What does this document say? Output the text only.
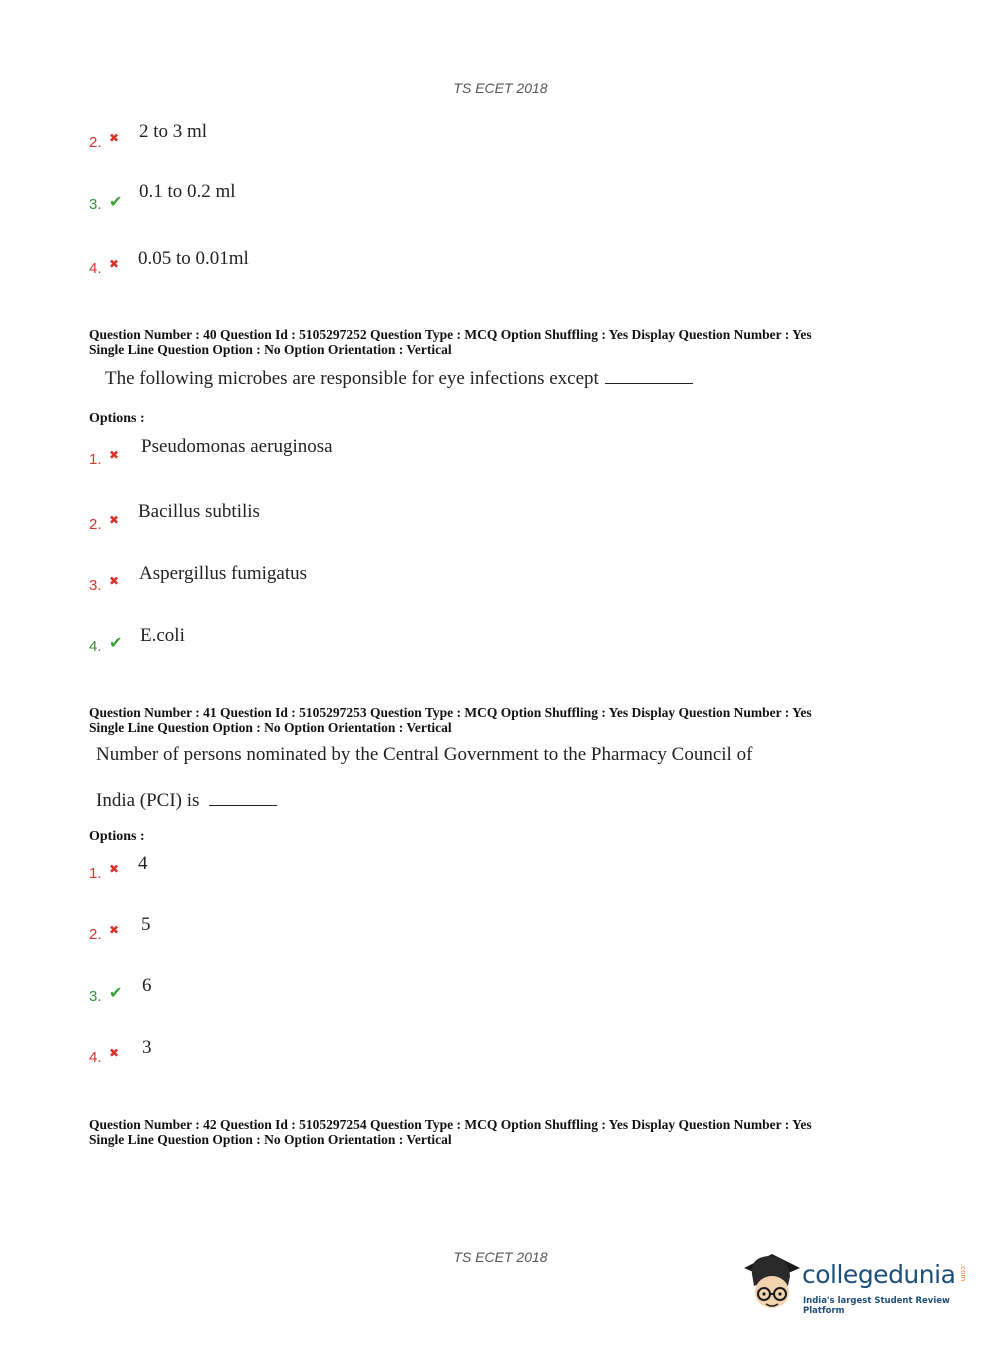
TS ECET 2018
2. ✖ 2 to 3 ml
3. ✔ 0.1 to 0.2 ml
4. ✖ 0.05 to 0.01ml
Question Number : 40 Question Id : 5105297252 Question Type : MCQ Option Shuffling : Yes Display Question Number : Yes
Single Line Question Option : No Option Orientation : Vertical
The following microbes are responsible for eye infections except
Options :
1. ✖ Pseudomonas aeruginosa
2. ✖ Bacillus subtilis
3. ✖ Aspergillus fumigatus
4. ✔ E.coli
Question Number : 41 Question Id : 5105297253 Question Type : MCQ Option Shuffling : Yes Display Question Number : Yes
Single Line Question Option : No Option Orientation : Vertical
Number of persons nominated by the Central Government to the Pharmacy Council of
India (PCI) is
Options :
1. ✖ 4
2. ✖ 5
3. ✔ 6
4. ✖ 3
Question Number : 42 Question Id : 5105297254 Question Type : MCQ Option Shuffling : Yes Display Question Number : Yes
Single Line Question Option : No Option Orientation : Vertical
TS ECET 2018
collegedunia .com
India's largest Student Review Platform
